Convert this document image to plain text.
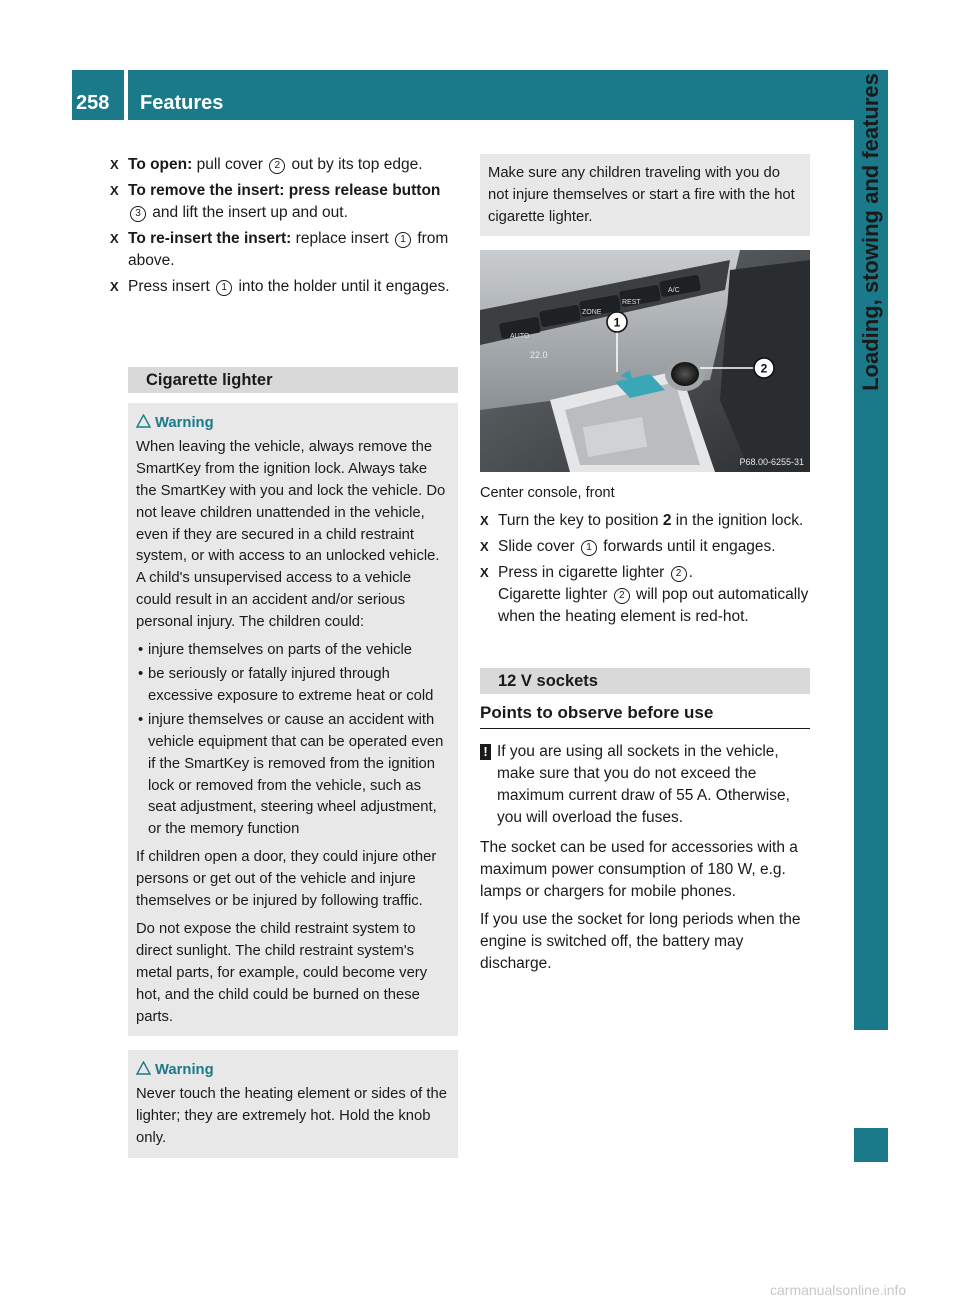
258 Features	Loading, stowing and features
X To open: pull cover 2 out by its top edge.
X To remove the insert: press release button 3 and lift the insert up and out.
X To re-insert the insert: replace insert 1 from above.
X Press insert 1 into the holder until it engages.
Cigarette lighter
Warning

When leaving the vehicle, always remove the SmartKey from the ignition lock. Always take the SmartKey with you and lock the vehicle. Do not leave children unattended in the vehicle, even if they are secured in a child restraint system, or with access to an unlocked vehicle. A child's unsupervised access to a vehicle could result in an accident and/or serious personal injury. The children could:

• injure themselves on parts of the vehicle
• be seriously or fatally injured through excessive exposure to extreme heat or cold
• injure themselves or cause an accident with vehicle equipment that can be operated even if the SmartKey is removed from the ignition lock or removed from the vehicle, such as seat adjustment, steering wheel adjustment, or the memory function

If children open a door, they could injure other persons or get out of the vehicle and injure themselves or be injured by following traffic.

Do not expose the child restraint system to direct sunlight. The child restraint system's metal parts, for example, could become very hot, and the child could be burned on these parts.

Warning

Never touch the heating element or sides of the lighter; they are extremely hot. Hold the knob only.

Make sure any children traveling with you do not injure themselves or start a fire with the hot cigarette lighter.
AUTO
ZONE
REST
A/C
22.0
1
2
P68.00-6255-31
Center console, front
X Turn the key to position 2 in the ignition lock.
X Slide cover 1 forwards until it engages.
X Press in cigarette lighter 2 .
Cigarette lighter 2 will pop out automatically when the heating element is red-hot.
12 V sockets
Points to observe before use
! If you are using all sockets in the vehicle, make sure that you do not exceed the maximum current draw of 55 A. Otherwise, you will overload the fuses.

The socket can be used for accessories with a maximum power consumption of 180 W, e.g. lamps or chargers for mobile phones.

If you use the socket for long periods when the engine is switched off, the battery may discharge.

carmanualsonline.info
